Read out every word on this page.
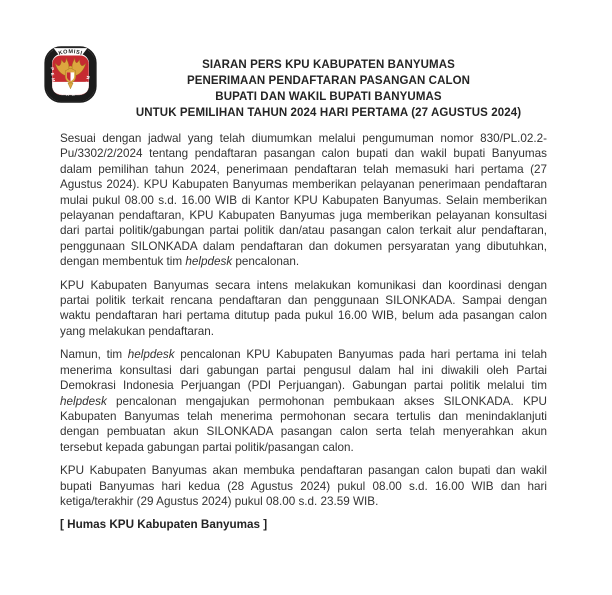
KOMISI
PEMILIHAN UMUM
SIARAN PERS KPU KABUPATEN BANYUMAS
PENERIMAAN PENDAFTARAN PASANGAN CALON
BUPATI DAN WAKIL BUPATI BANYUMAS
UNTUK PEMILIHAN TAHUN 2024 HARI PERTAMA (27 AGUSTUS 2024)

Sesuai dengan jadwal yang telah diumumkan melalui pengumuman nomor 830/PL.02.2-Pu/3302/2/2024 tentang pendaftaran pasangan calon bupati dan wakil bupati Banyumas dalam pemilihan tahun 2024, penerimaan pendaftaran telah memasuki hari pertama (27 Agustus 2024). KPU Kabupaten Banyumas memberikan pelayanan penerimaan pendaftaran mulai pukul 08.00 s.d. 16.00 WIB di Kantor KPU Kabupaten Banyumas. Selain memberikan pelayanan pendaftaran, KPU Kabupaten Banyumas juga memberikan pelayanan konsultasi dari partai politik/gabungan partai politik dan/atau pasangan calon terkait alur pendaftaran, penggunaan SILONKADA dalam pendaftaran dan dokumen persyaratan yang dibutuhkan, dengan membentuk tim helpdesk pencalonan.

KPU Kabupaten Banyumas secara intens melakukan komunikasi dan koordinasi dengan partai politik terkait rencana pendaftaran dan penggunaan SILONKADA. Sampai dengan waktu pendaftaran hari pertama ditutup pada pukul 16.00 WIB, belum ada pasangan calon yang melakukan pendaftaran.

Namun, tim helpdesk pencalonan KPU Kabupaten Banyumas pada hari pertama ini telah menerima konsultasi dari gabungan partai pengusul dalam hal ini diwakili oleh Partai Demokrasi Indonesia Perjuangan (PDI Perjuangan). Gabungan partai politik melalui tim helpdesk pencalonan mengajukan permohonan pembukaan akses SILONKADA. KPU Kabupaten Banyumas telah menerima permohonan secara tertulis dan menindaklanjuti dengan pembuatan akun SILONKADA pasangan calon serta telah menyerahkan akun tersebut kepada gabungan partai politik/pasangan calon.

KPU Kabupaten Banyumas akan membuka pendaftaran pasangan calon bupati dan wakil bupati Banyumas hari kedua (28 Agustus 2024) pukul 08.00 s.d. 16.00 WIB dan hari ketiga/terakhir (29 Agustus 2024) pukul 08.00 s.d. 23.59 WIB.

[ Humas KPU Kabupaten Banyumas ]
